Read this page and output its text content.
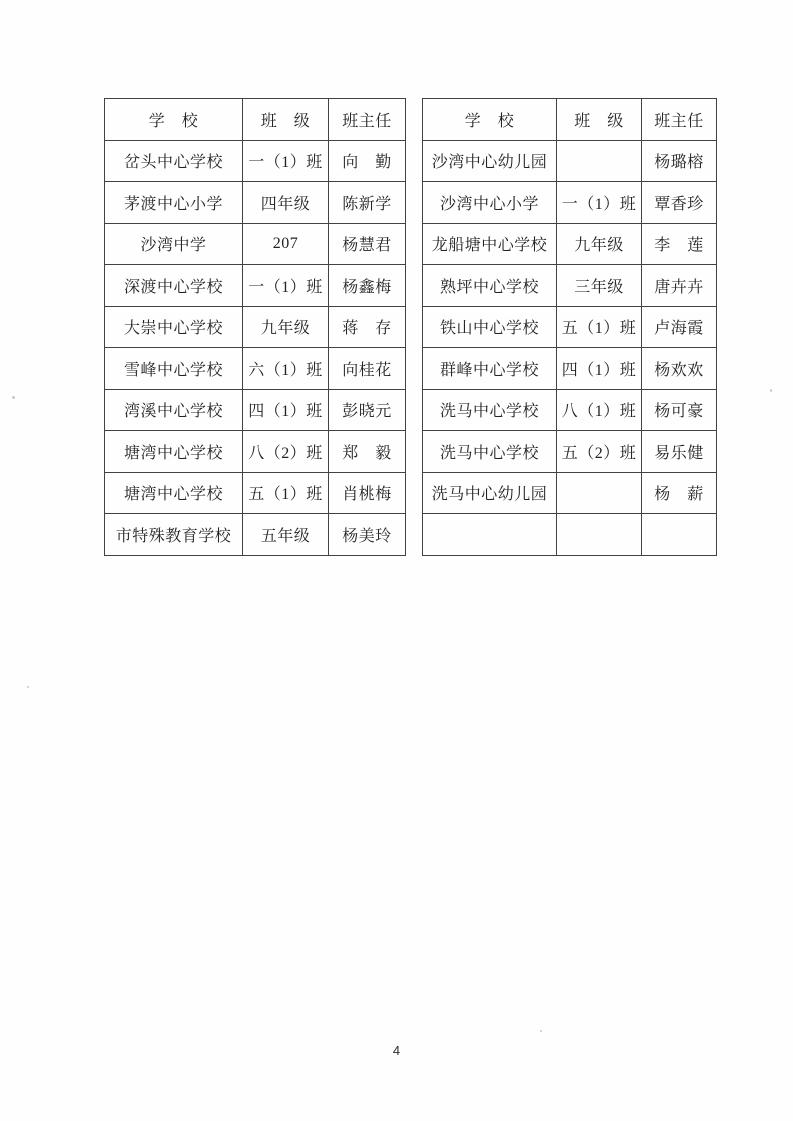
学　校	班　级	班主任
岔头中心学校	一（1）班	向　勤
茅渡中心小学	四年级	陈新学
沙湾中学	207	杨慧君
深渡中心学校	一（1）班	杨鑫梅
大崇中心学校	九年级	蒋　存
雪峰中心学校	六（1）班	向桂花
湾溪中心学校	四（1）班	彭晓元
塘湾中心学校	八（2）班	郑　毅
塘湾中心学校	五（1）班	肖桃梅
市特殊教育学校	五年级	杨美玲
学　校	班　级	班主任
沙湾中心幼儿园		杨璐榕
沙湾中心小学	一（1）班	覃香珍
龙船塘中心学校	九年级	李　莲
熟坪中心学校	三年级	唐卉卉
铁山中心学校	五（1）班	卢海霞
群峰中心学校	四（1）班	杨欢欢
洗马中心学校	八（1）班	杨可豪
洗马中心学校	五（2）班	易乐健
洗马中心幼儿园		杨　薪

4
